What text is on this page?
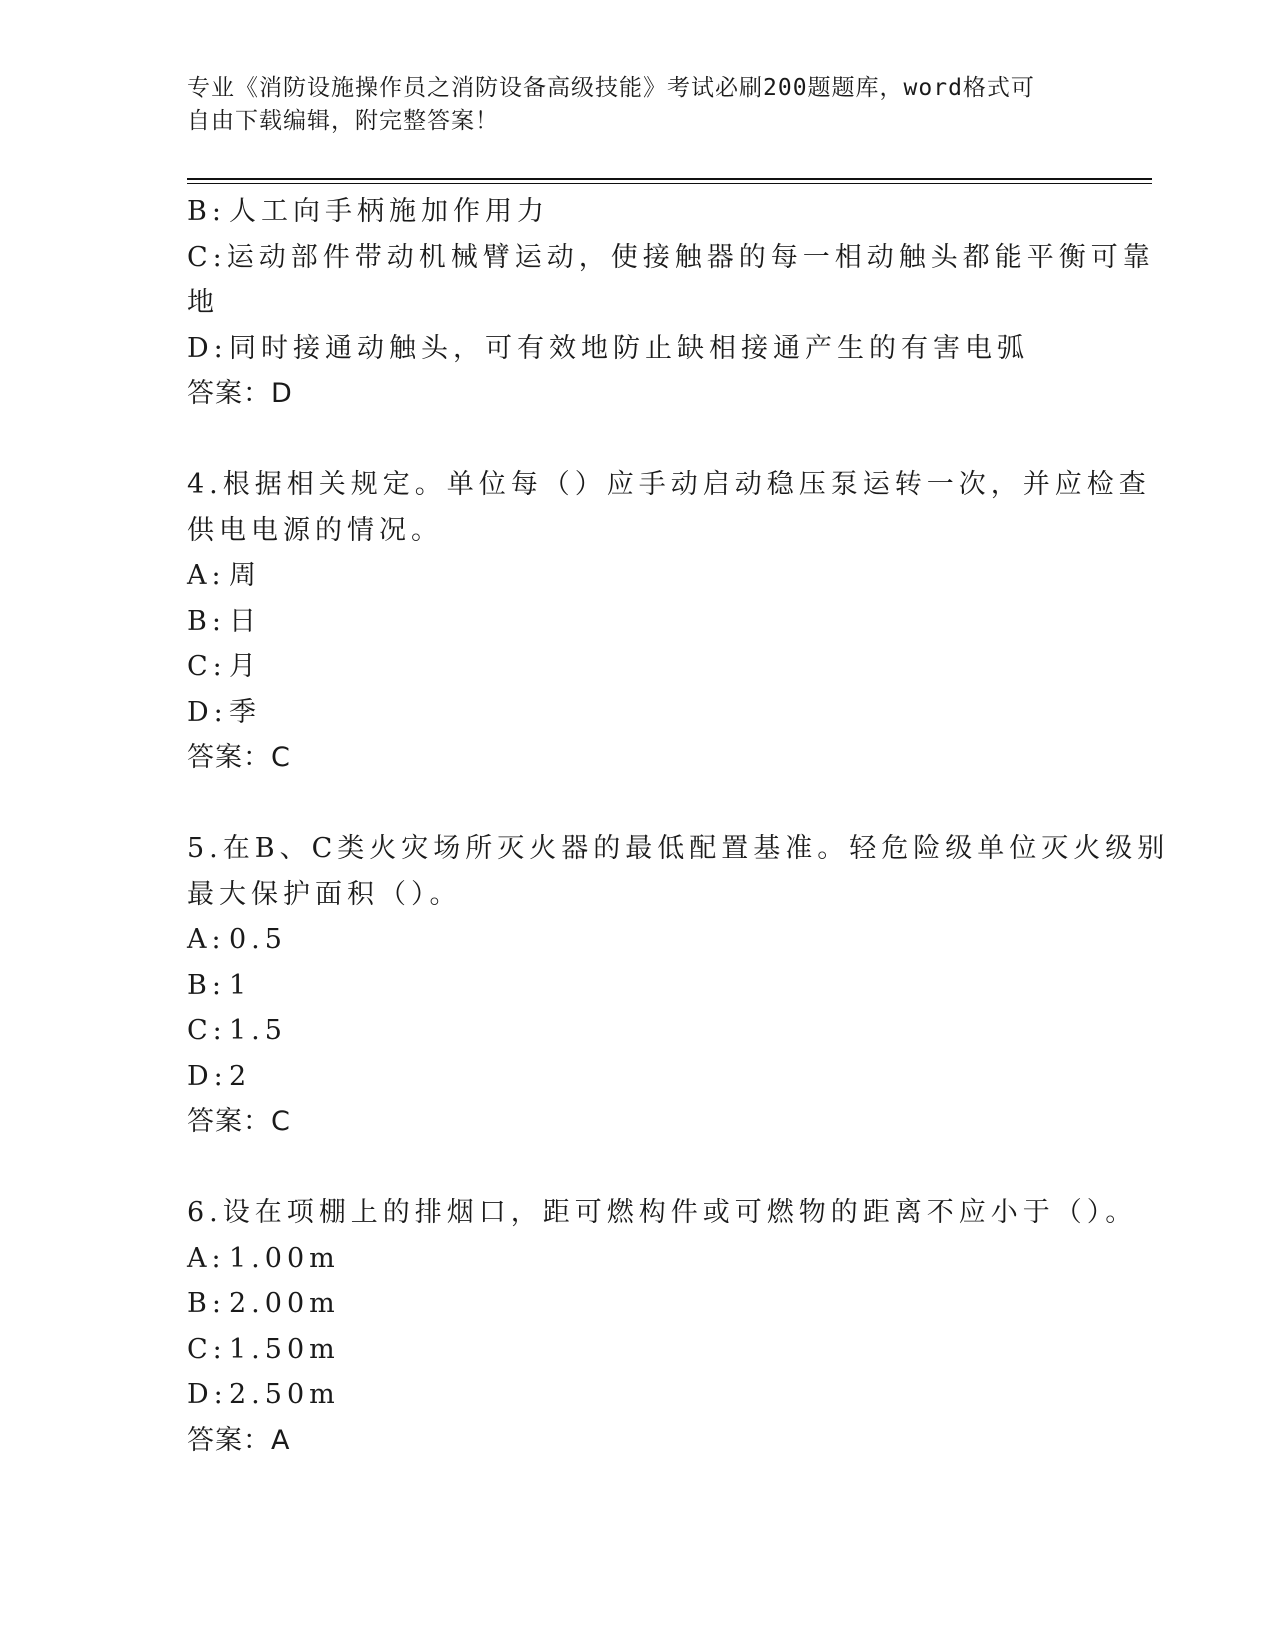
专业《消防设施操作员之消防设备高级技能》考试必刷200题题库，word格式可
自由下载编辑，附完整答案！
B: 人工向手柄施加作用力
C: 运动部件带动机械臂运动，使接触器的每一相动触头都能平衡可靠
地
D: 同时接通动触头，可有效地防止缺相接通产生的有害电弧
答案：D
4.根据相关规定。单位每（）应手动启动稳压泵运转一次，并应检查
供电电源的情况。
A: 周
B: 日
C: 月
D: 季
答案：C
5.在B、C类火灾场所灭火器的最低配置基准。轻危险级单位灭火级别
最大保护面积（）。
A: 0.5
B: 1
C: 1.5
D: 2
答案：C
6.设在项棚上的排烟口，距可燃构件或可燃物的距离不应小于（）。
A: 1.00m
B: 2.00m
C: 1.50m
D: 2.50m
答案：A
